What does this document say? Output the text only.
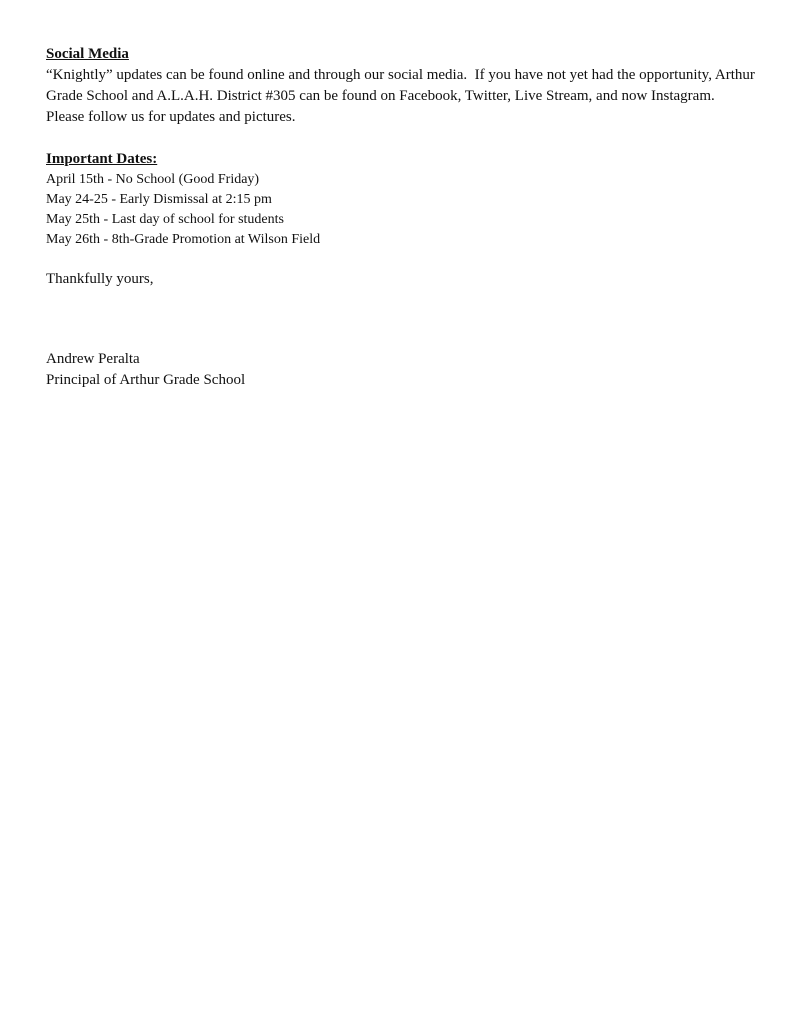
Social Media

“Knightly” updates can be found online and through our social media.  If you have not yet had the opportunity, Arthur Grade School and A.L.A.H. District #305 can be found on Facebook, Twitter, Live Stream, and now Instagram.  Please follow us for updates and pictures.

Important Dates:

April 15th - No School (Good Friday)
May 24-25 - Early Dismissal at 2:15 pm
May 25th - Last day of school for students
May 26th - 8th-Grade Promotion at Wilson Field

Thankfully yours,

Andrew Peralta

Principal of Arthur Grade School
